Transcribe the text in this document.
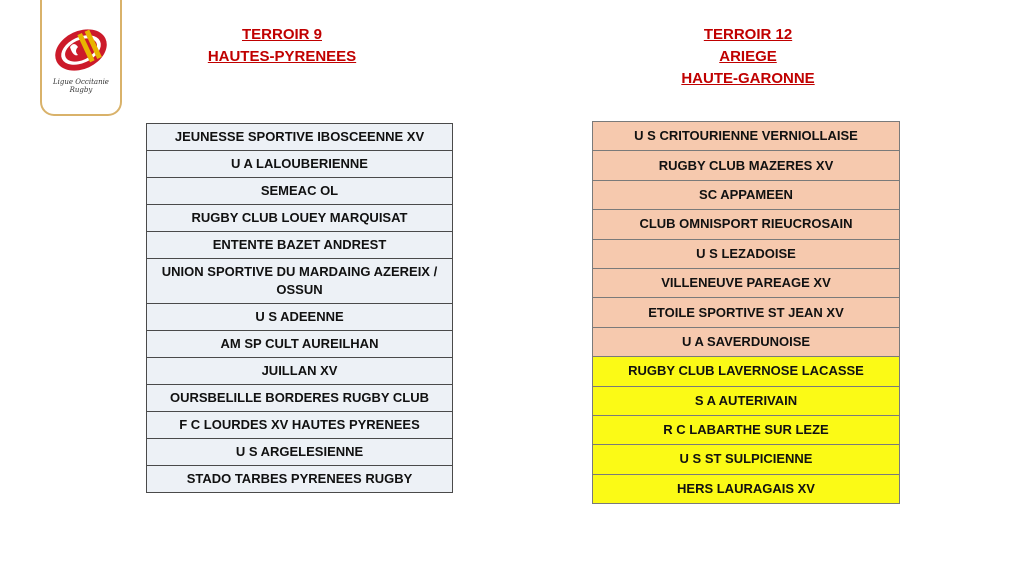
Ligue Occitanie Rugby
TERROIR 9
HAUTES-PYRENEES
TERROIR 12
ARIEGE
HAUTE-GARONNE
JEUNESSE SPORTIVE IBOSCEENNE XV
U A LALOUBERIENNE
SEMEAC OL
RUGBY CLUB LOUEY MARQUISAT
ENTENTE BAZET ANDREST
UNION SPORTIVE DU MARDAING AZEREIX / OSSUN
U S ADEENNE
AM SP CULT AUREILHAN
JUILLAN XV
OURSBELILLE BORDERES RUGBY CLUB
F C LOURDES XV HAUTES PYRENEES
U S ARGELESIENNE
STADO TARBES PYRENEES RUGBY
U S CRITOURIENNE VERNIOLLAISE
RUGBY CLUB MAZERES XV
SC APPAMEEN
CLUB OMNISPORT RIEUCROSAIN
U S LEZADOISE
VILLENEUVE PAREAGE XV
ETOILE SPORTIVE ST JEAN XV
U A SAVERDUNOISE
RUGBY CLUB LAVERNOSE LACASSE
S A AUTERIVAIN
R C LABARTHE SUR LEZE
U S ST SULPICIENNE
HERS LAURAGAIS XV
